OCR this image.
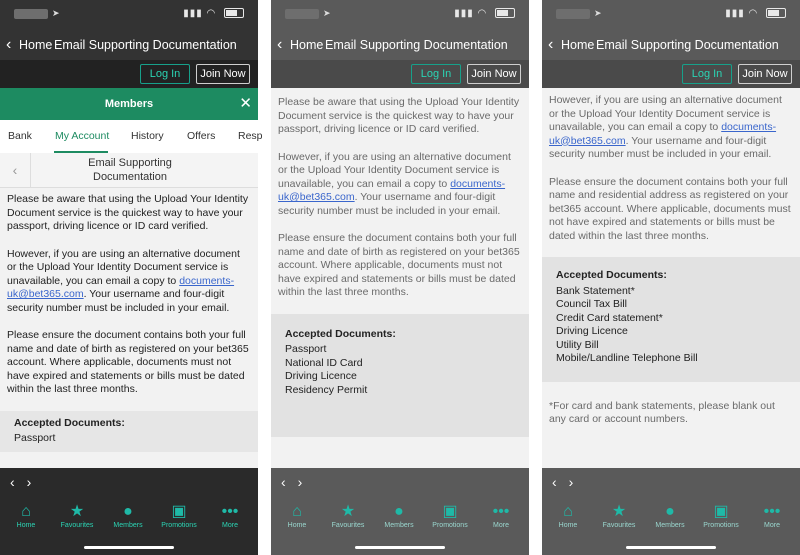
➤	▮▮▮ ◠
‹ Home Email Supporting Documentation
Log In	Join Now
Members	✕
Bank My Account History Offers Resp
‹	Email Supporting
Documentation

Please be aware that using the Upload Your Identity Document service is the quickest way to have your passport, driving licence or ID card verified.

However, if you are using an alternative document or the Upload Your Identity Document service is unavailable, you can email a copy to documents-uk@bet365.com. Your username and four-digit security number must be included in your email.

Please ensure the document contains both your full name and date of birth as registered on your bet365 account. Where applicable, documents must not have expired and statements or bills must be dated within the last three months.

Accepted Documents:
Passport
‹›
⌂
Home
★
Favourites
●
Members
▣
Promotions
•••
More
➤	▮▮▮ ◠
‹ Home Email Supporting Documentation
Log In	Join Now

Please be aware that using the Upload Your Identity Document service is the quickest way to have your passport, driving licence or ID card verified.

However, if you are using an alternative document or the Upload Your Identity Document service is unavailable, you can email a copy to documents-uk@bet365.com. Your username and four-digit security number must be included in your email.

Please ensure the document contains both your full name and date of birth as registered on your bet365 account. Where applicable, documents must not have expired and statements or bills must be dated within the last three months.

Accepted Documents:
Passport
National ID Card
Driving Licence
Residency Permit
‹›
⌂
Home
★
Favourites
●
Members
▣
Promotions
•••
More
➤	▮▮▮ ◠
‹ Home Email Supporting Documentation
Log In	Join Now

However, if you are using an alternative document or the Upload Your Identity Document service is unavailable, you can email a copy to documents-uk@bet365.com. Your username and four-digit security number must be included in your email.

Please ensure the document contains both your full name and residential address as registered on your bet365 account. Where applicable, documents must not have expired and statements or bills must be dated within the last three months.

Accepted Documents:
Bank Statement*
Council Tax Bill
Credit Card statement*
Driving Licence
Utility Bill
Mobile/Landline Telephone Bill
*For card and bank statements, please blank out any card or account numbers.
‹›
⌂
Home
★
Favourites
●
Members
▣
Promotions
•••
More
